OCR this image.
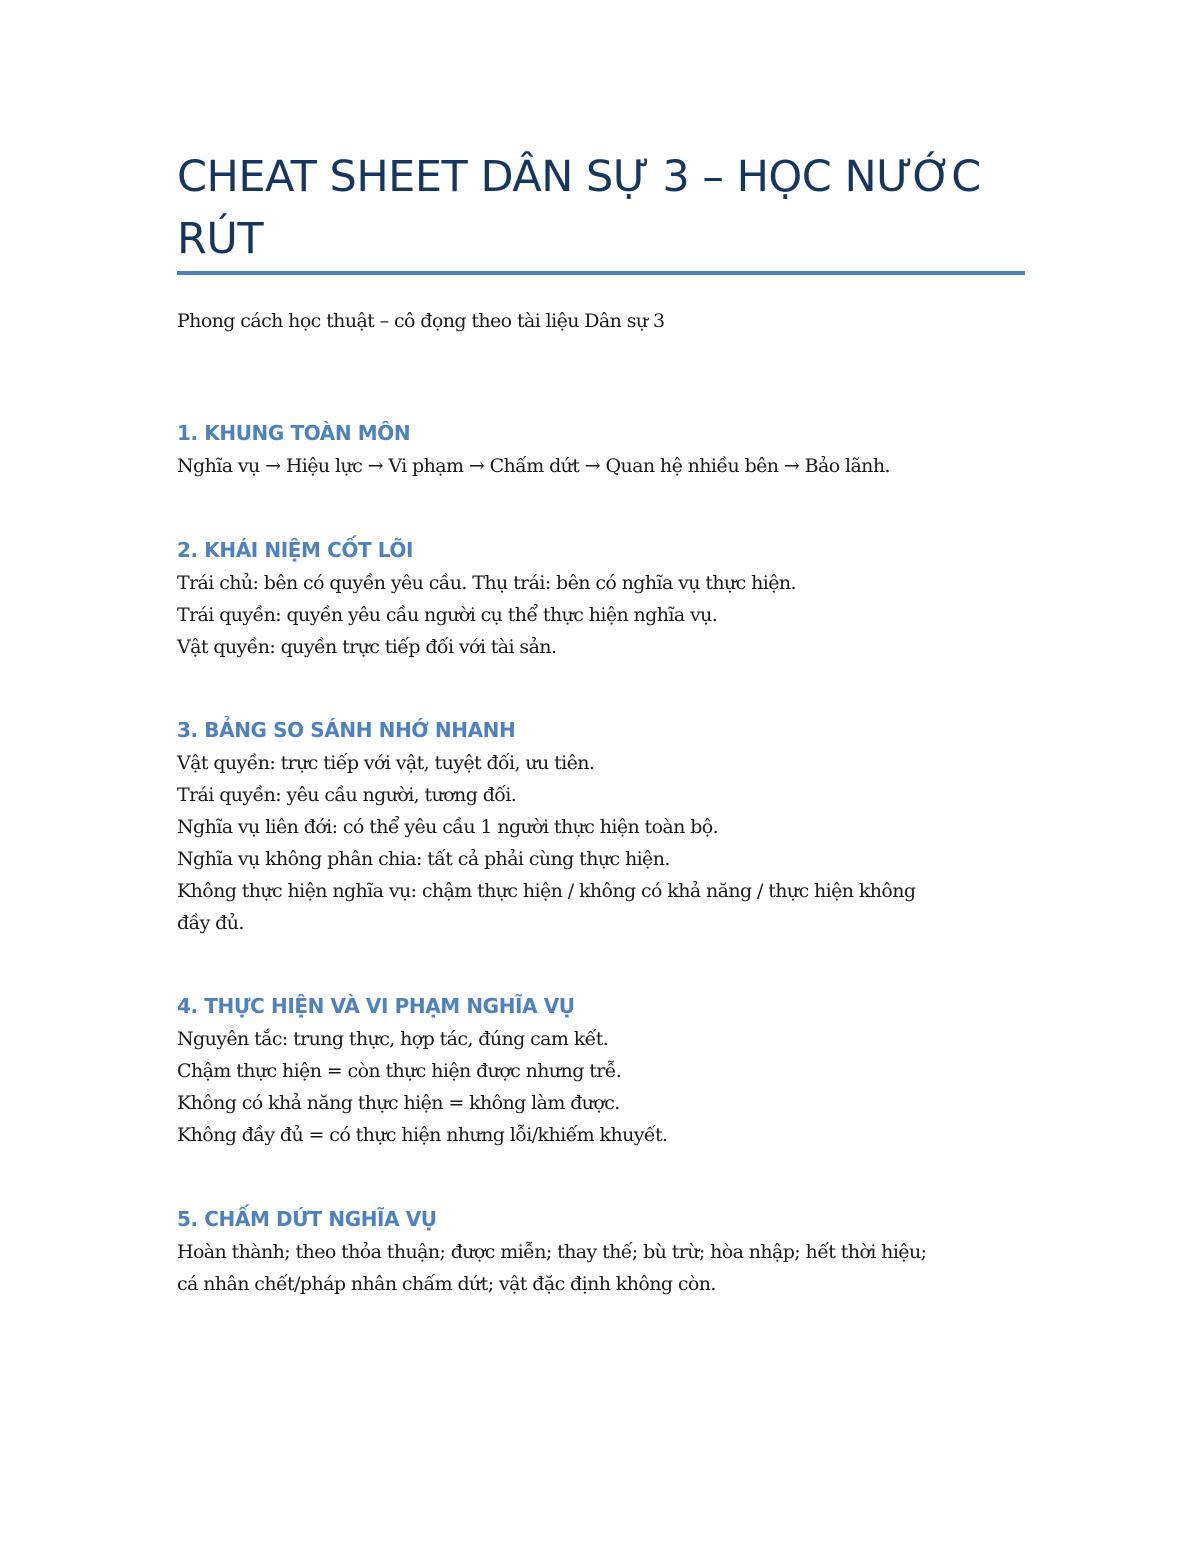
CHEAT SHEET DÂN SỰ 3 – HỌC NƯỚC RÚT

Phong cách học thuật – cô đọng theo tài liệu Dân sự 3

1. KHUNG TOÀN MÔN

Nghĩa vụ → Hiệu lực → Vi phạm → Chấm dứt → Quan hệ nhiều bên → Bảo lãnh.

2. KHÁI NIỆM CỐT LÕI

Trái chủ: bên có quyền yêu cầu. Thụ trái: bên có nghĩa vụ thực hiện.

Trái quyền: quyền yêu cầu người cụ thể thực hiện nghĩa vụ.

Vật quyền: quyền trực tiếp đối với tài sản.

3. BẢNG SO SÁNH NHỚ NHANH

Vật quyền: trực tiếp với vật, tuyệt đối, ưu tiên.

Trái quyền: yêu cầu người, tương đối.

Nghĩa vụ liên đới: có thể yêu cầu 1 người thực hiện toàn bộ.

Nghĩa vụ không phân chia: tất cả phải cùng thực hiện.

Không thực hiện nghĩa vụ: chậm thực hiện / không có khả năng / thực hiện không

đầy đủ.

4. THỰC HIỆN VÀ VI PHẠM NGHĨA VỤ

Nguyên tắc: trung thực, hợp tác, đúng cam kết.

Chậm thực hiện = còn thực hiện được nhưng trễ.

Không có khả năng thực hiện = không làm được.

Không đầy đủ = có thực hiện nhưng lỗi/khiếm khuyết.

5. CHẤM DỨT NGHĨA VỤ

Hoàn thành; theo thỏa thuận; được miễn; thay thế; bù trừ; hòa nhập; hết thời hiệu;

cá nhân chết/pháp nhân chấm dứt; vật đặc định không còn.
